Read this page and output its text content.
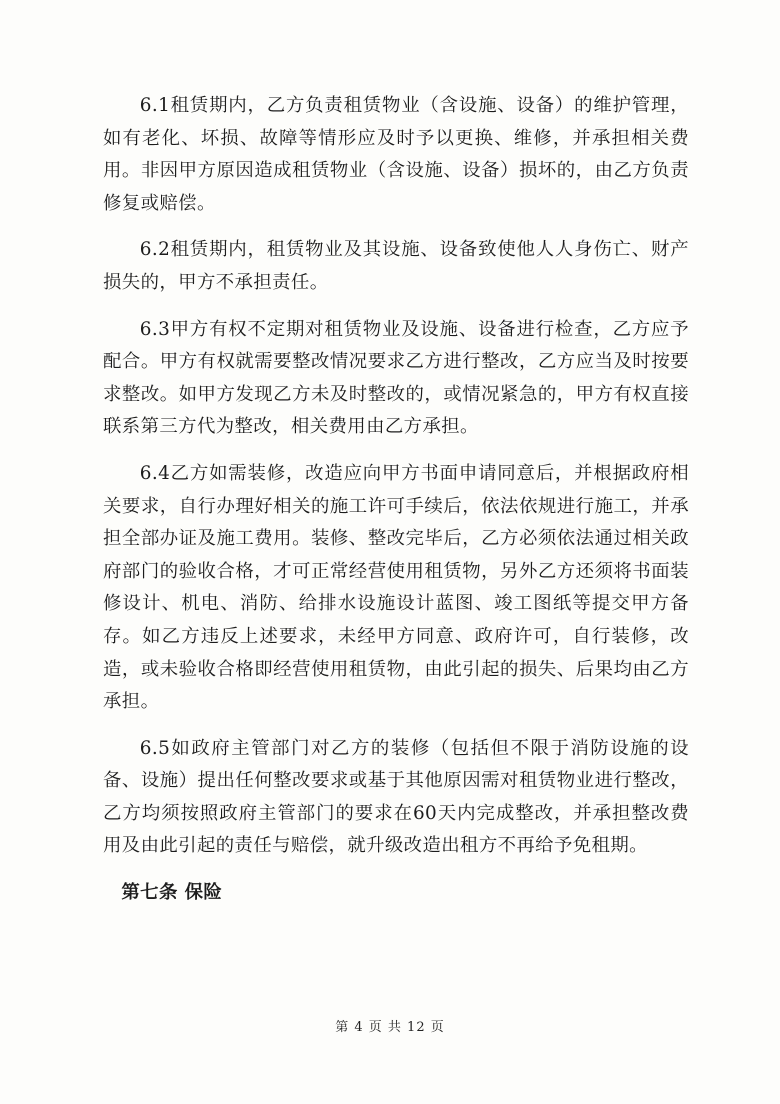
6.1租赁期内，乙方负责租赁物业（含设施、设备）的维护管理，如有老化、坏损、故障等情形应及时予以更换、维修，并承担相关费用。非因甲方原因造成租赁物业（含设施、设备）损坏的，由乙方负责修复或赔偿。

6.2租赁期内，租赁物业及其设施、设备致使他人人身伤亡、财产损失的，甲方不承担责任。

6.3甲方有权不定期对租赁物业及设施、设备进行检查，乙方应予配合。甲方有权就需要整改情况要求乙方进行整改，乙方应当及时按要求整改。如甲方发现乙方未及时整改的，或情况紧急的，甲方有权直接联系第三方代为整改，相关费用由乙方承担。

6.4乙方如需装修，改造应向甲方书面申请同意后，并根据政府相关要求，自行办理好相关的施工许可手续后，依法依规进行施工，并承担全部办证及施工费用。装修、整改完毕后，乙方必须依法通过相关政府部门的验收合格，才可正常经营使用租赁物，另外乙方还须将书面装修设计、机电、消防、给排水设施设计蓝图、竣工图纸等提交甲方备存。如乙方违反上述要求，未经甲方同意、政府许可，自行装修，改造，或未验收合格即经营使用租赁物，由此引起的损失、后果均由乙方承担。

6.5如政府主管部门对乙方的装修（包括但不限于消防设施的设备、设施）提出任何整改要求或基于其他原因需对租赁物业进行整改，乙方均须按照政府主管部门的要求在60天内完成整改，并承担整改费用及由此引起的责任与赔偿，就升级改造出租方不再给予免租期。

第七条 保险

第 4 页 共 12 页
